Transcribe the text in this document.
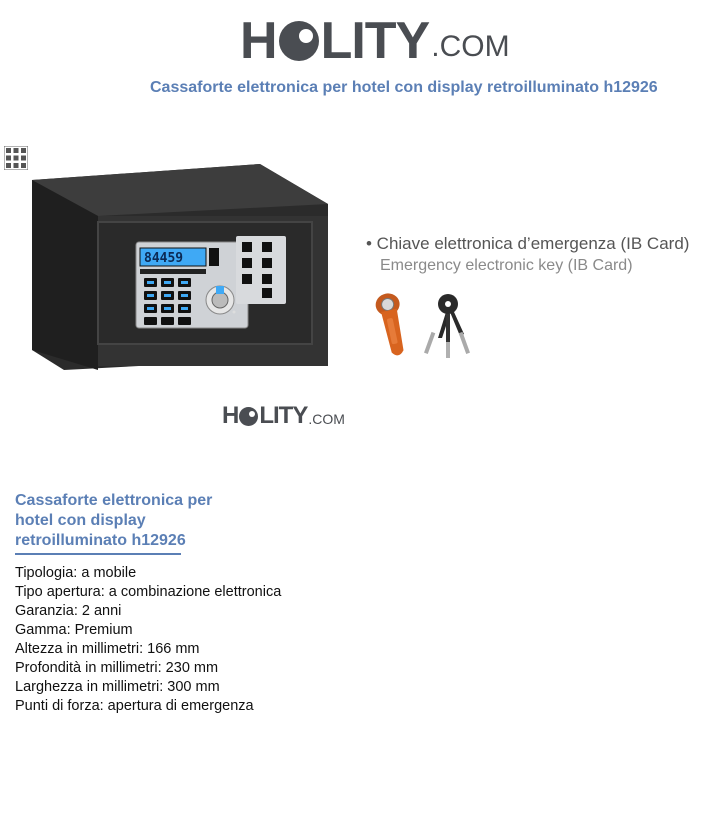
H LITY .COM
Cassaforte elettronica per hotel con display retroilluminato h12926
84459
• Chiave elettronica d’emergenza (IB Card)
Emergency electronic key (IB Card)
H LITY .COM
Cassaforte elettronica per hotel con display retroilluminato h12926
Tipologia: a mobile
Tipo apertura: a combinazione elettronica
Garanzia: 2 anni
Gamma: Premium
Altezza in millimetri: 166 mm
Profondità in millimetri: 230 mm
Larghezza in millimetri: 300 mm
Punti di forza: apertura di emergenza
